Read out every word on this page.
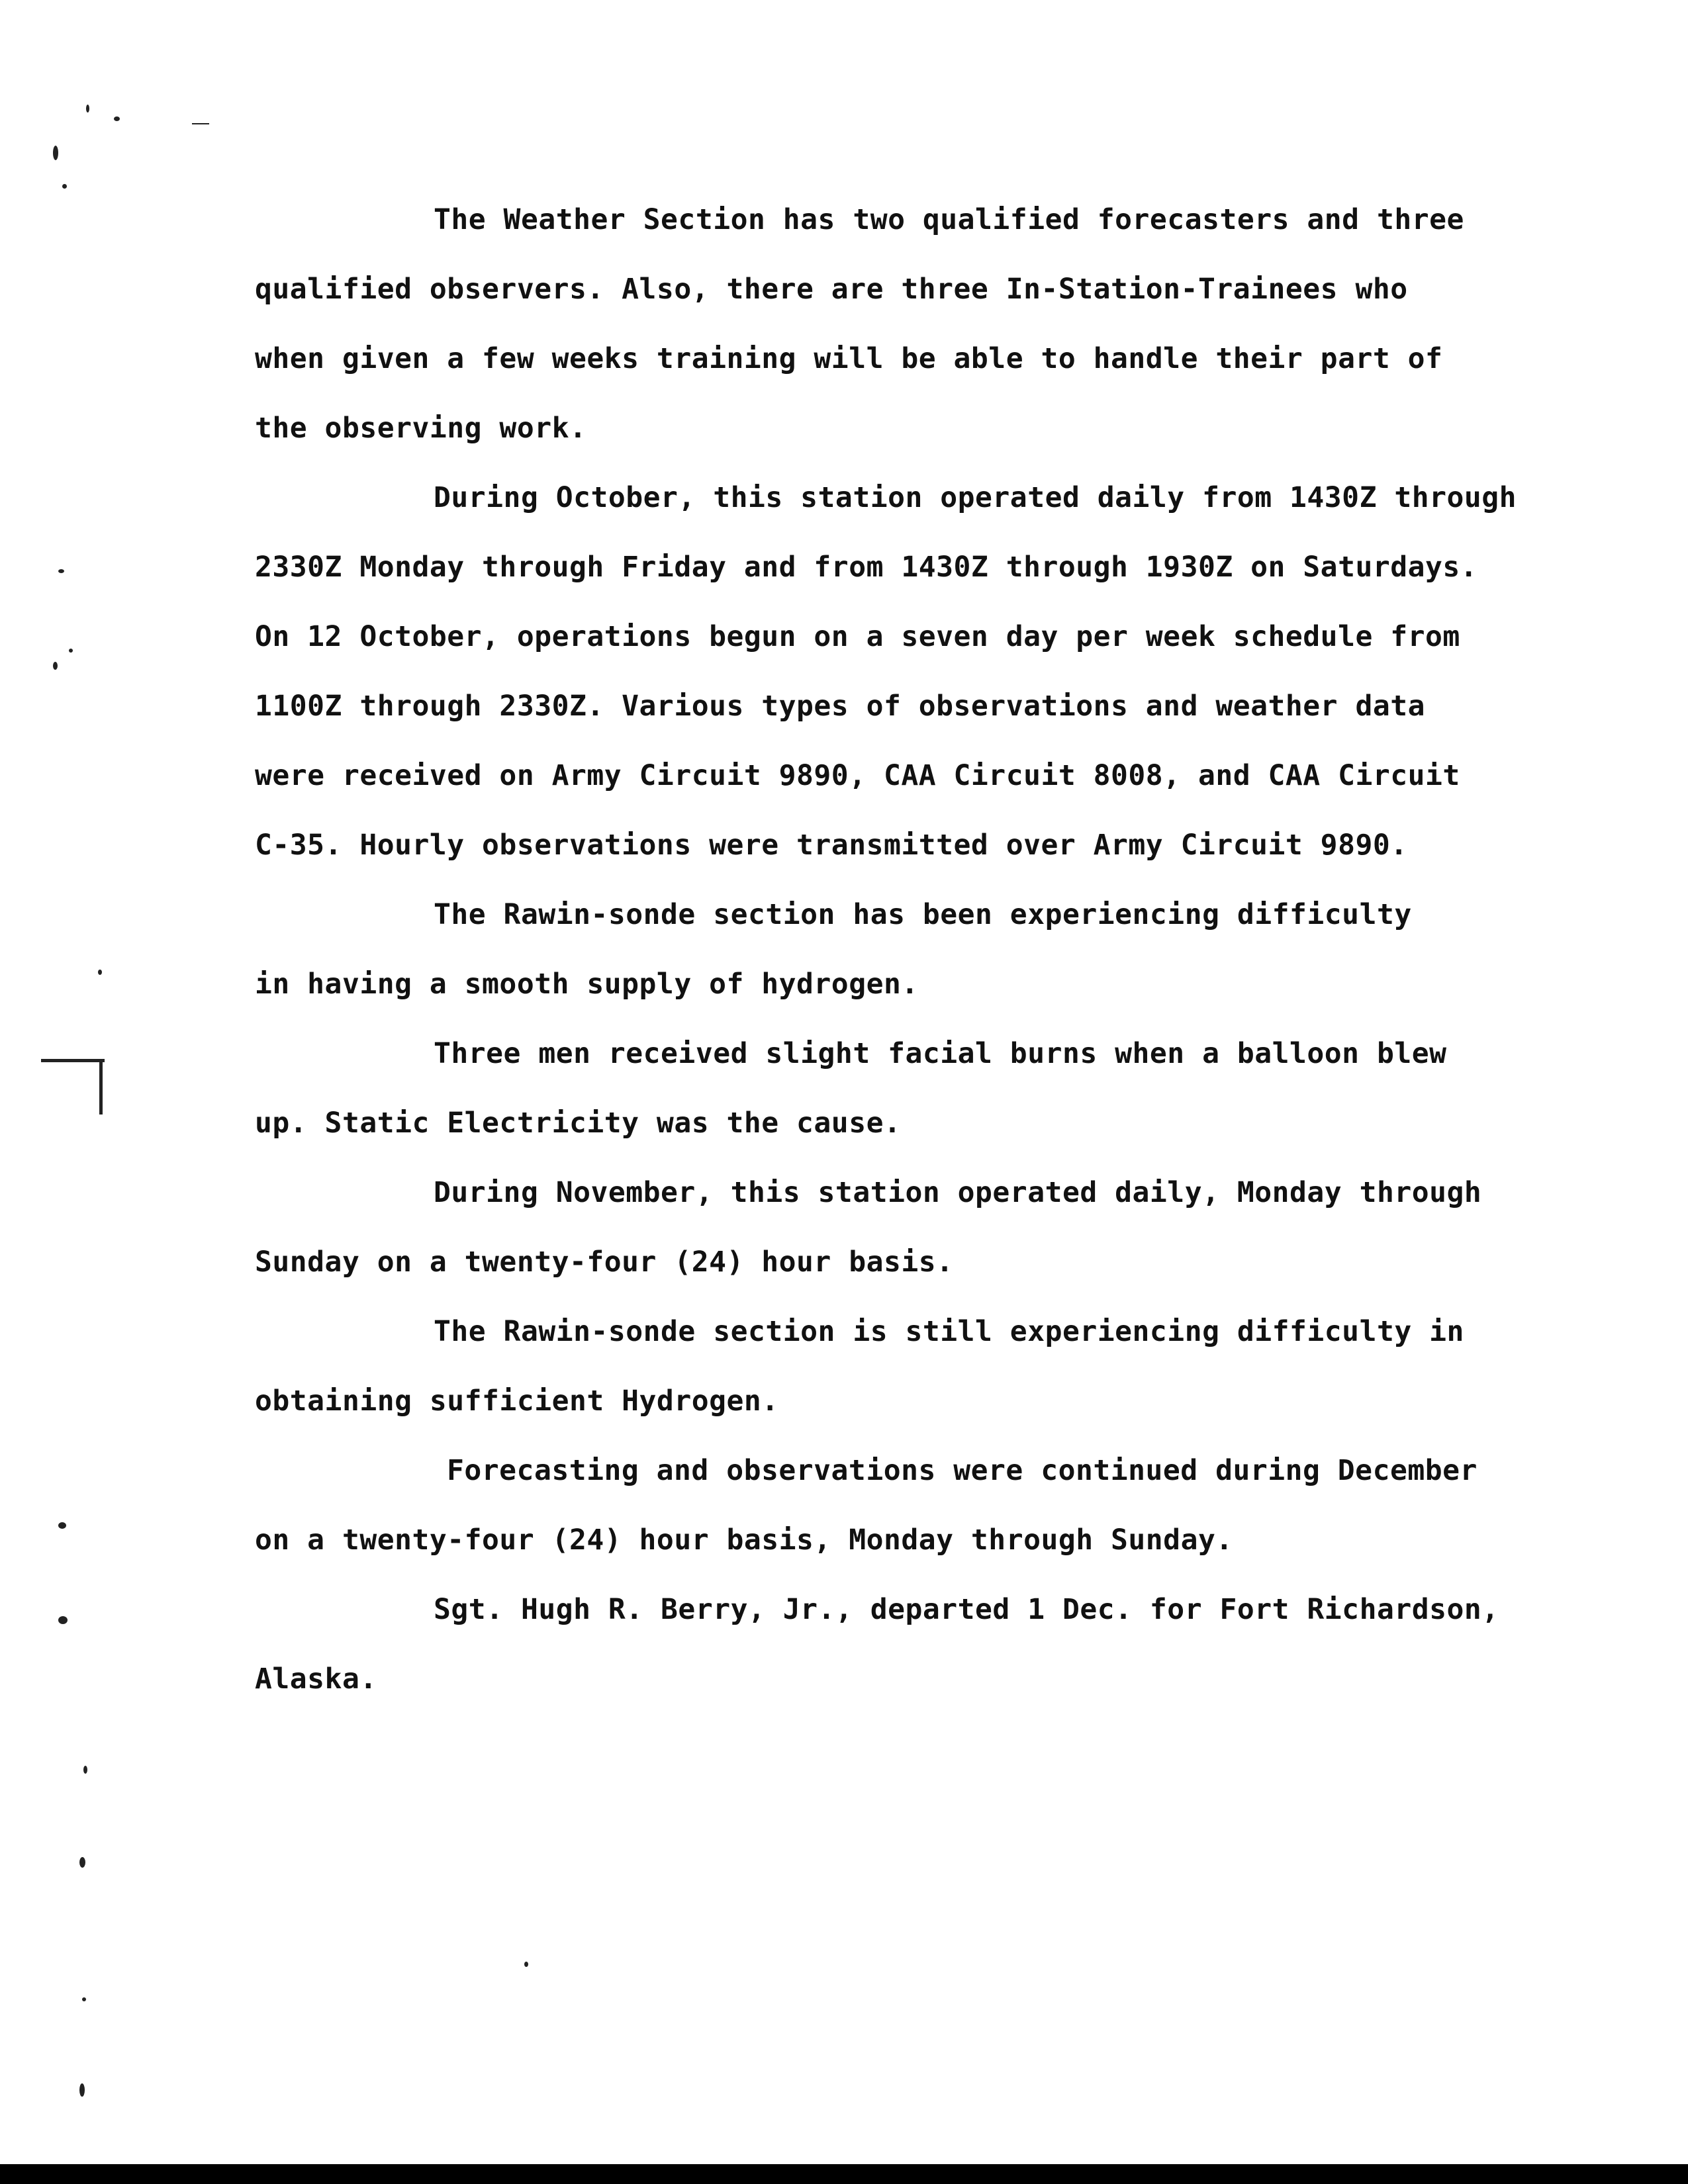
The Weather Section has two qualified forecasters and three
qualified observers. Also, there are three In-Station-Trainees who
when given a few weeks training will be able to handle their part of
the observing work.

During October, this station operated daily from 1430Z through
2330Z Monday through Friday and from 1430Z through 1930Z on Saturdays.
On 12 October, operations begun on a seven day per week schedule from
1100Z through 2330Z. Various types of observations and weather data
were received on Army Circuit 9890, CAA Circuit 8008, and CAA Circuit
C-35. Hourly observations were transmitted over Army Circuit 9890.

The Rawin-sonde section has been experiencing difficulty
in having a smooth supply of hydrogen.

Three men received slight facial burns when a balloon blew
up. Static Electricity was the cause.

During November, this station operated daily, Monday through
Sunday on a twenty-four (24) hour basis.

The Rawin-sonde section is still experiencing difficulty in
obtaining sufficient Hydrogen.

Forecasting and observations were continued during December
on a twenty-four (24) hour basis, Monday through Sunday.

Sgt. Hugh R. Berry, Jr., departed 1 Dec. for Fort Richardson,
Alaska.
